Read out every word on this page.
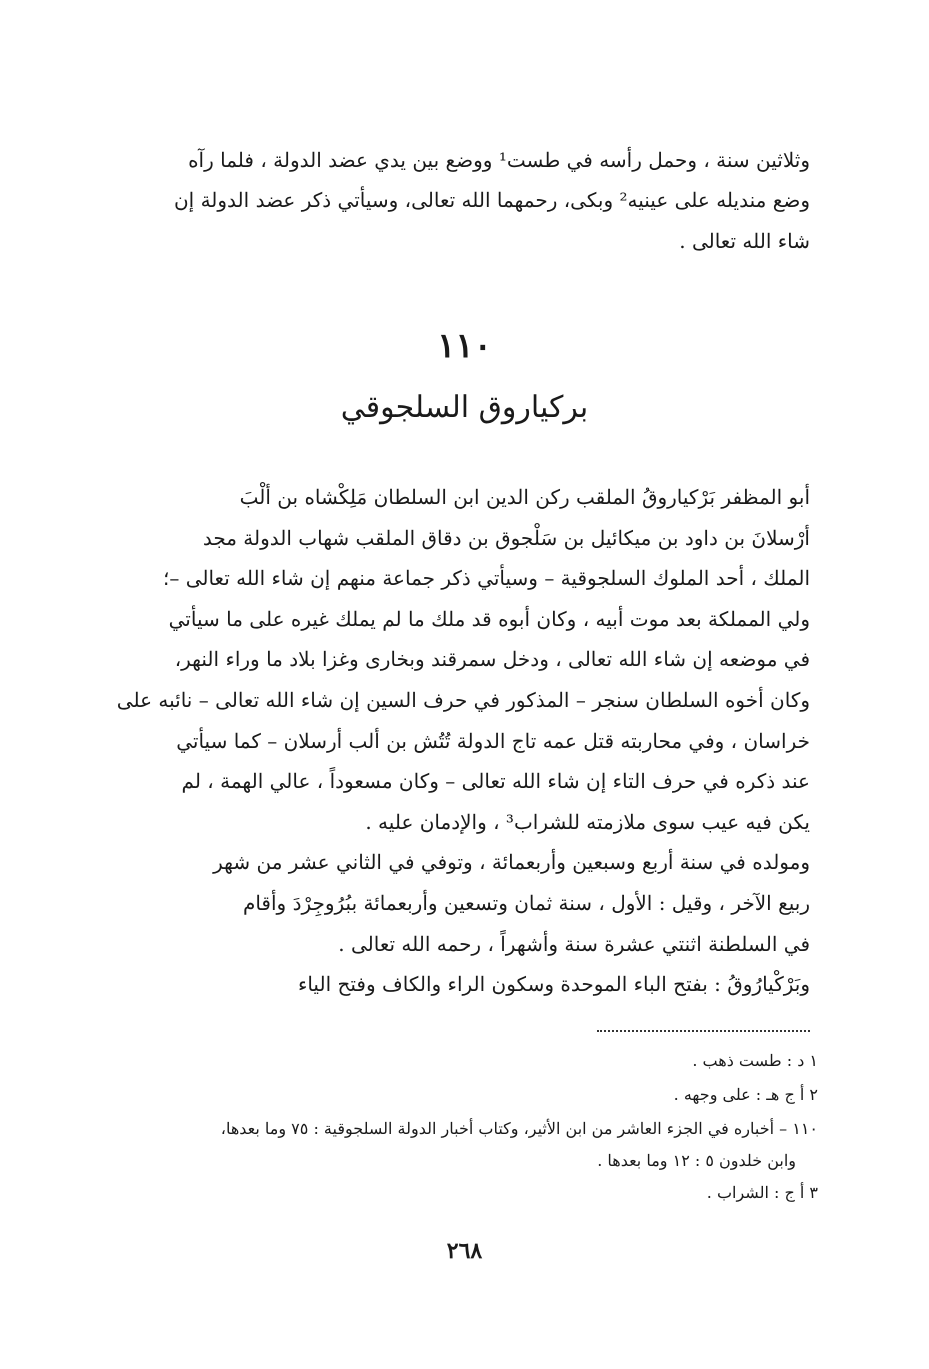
وثلاثين سنة ، وحمل رأسه في طست¹ ووضع بين يدي عضد الدولة ، فلما رآه
وضع منديله على عينيه² وبكى، رحمهما الله تعالى، وسيأتي ذكر عضد الدولة إن
شاء الله تعالى .
١١٠
بركياروق السلجوقي
أبو المظفر بَرْكياروقُ الملقب ركن الدين ابن السلطان مَلِكْشاه بن ألْبَ
أرْسلانَ بن داود بن ميكائيل بن سَلْجوق بن دقاق الملقب شهاب الدولة مجد
الملك ، أحد الملوك السلجوقية – وسيأتي ذكر جماعة منهم إن شاء الله تعالى –؛
ولي المملكة بعد موت أبيه ، وكان أبوه قد ملك ما لم يملك غيره على ما سيأتي
في موضعه إن شاء الله تعالى ، ودخل سمرقند وبخارى وغزا بلاد ما وراء النهر،
وكان أخوه السلطان سنجر – المذكور في حرف السين إن شاء الله تعالى – نائبه على
خراسان ، وفي محاربته قتل عمه تاج الدولة تُتُش بن ألب أرسلان – كما سيأتي
عند ذكره في حرف التاء إن شاء الله تعالى – وكان مسعوداً ، عالي الهمة ، لم
يكن فيه عيب سوى ملازمته للشراب³ ، والإدمان عليه .
ومولده في سنة أربع وسبعين وأربعمائة ، وتوفي في الثاني عشر من شهر
ربيع الآخر ، وقيل : الأول ، سنة ثمان وتسعين وأربعمائة ببُرُوجِرْدَ وأقام
في السلطنة اثنتي عشرة سنة وأشهراً ، رحمه الله تعالى .
وبَرْكْيارُوقُ : بفتح الباء الموحدة وسكون الراء والكاف وفتح الياء
١ د : طست ذهب .
٢ أ ج هـ : على وجهه .
١١٠ – أخباره في الجزء العاشر من ابن الأثير، وكتاب أخبار الدولة السلجوقية : ٧٥ وما بعدها،
وابن خلدون ٥ : ١٢ وما بعدها .
٣ أ ج : الشراب .
٢٦٨
